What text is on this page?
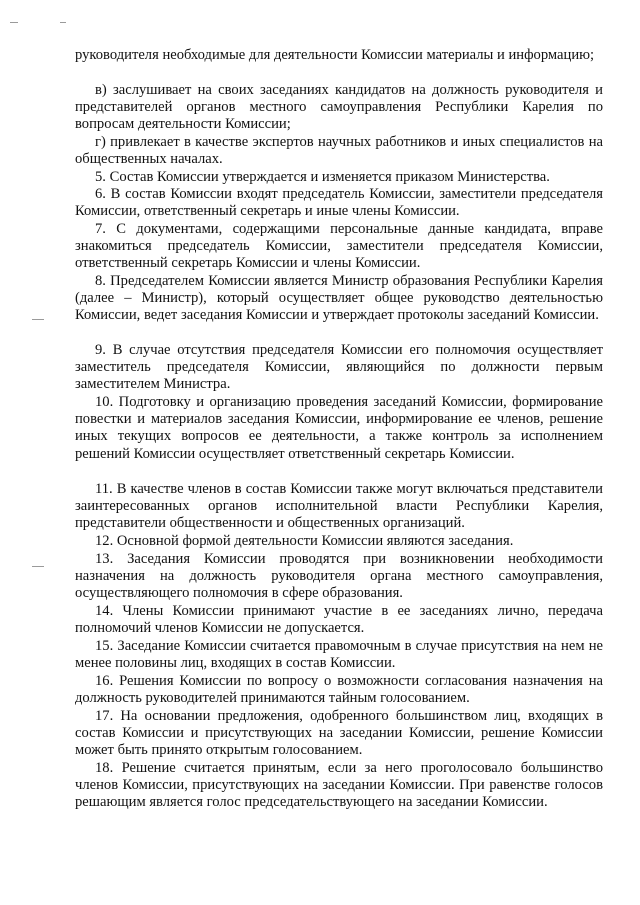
руководителя необходимые для деятельности Комиссии материалы и информацию;

в) заслушивает на своих заседаниях кандидатов на должность руководителя и представителей органов местного самоуправления Республики Карелия по вопросам деятельности Комиссии;

г) привлекает в качестве экспертов научных работников и иных специалистов на общественных началах.

5. Состав Комиссии утверждается и изменяется приказом Министерства.

6. В состав Комиссии входят председатель Комиссии, заместители председателя Комиссии, ответственный секретарь и иные члены Комиссии.

7. С документами, содержащими персональные данные кандидата, вправе знакомиться председатель Комиссии, заместители председателя Комиссии, ответственный секретарь Комиссии и члены Комиссии.

8. Председателем Комиссии является Министр образования Республики Карелия (далее – Министр), который осуществляет общее руководство деятельностью Комиссии, ведет заседания Комиссии и утверждает протоколы заседаний Комиссии.

9. В случае отсутствия председателя Комиссии его полномочия осуществляет заместитель председателя Комиссии, являющийся по должности первым заместителем Министра.

10. Подготовку и организацию проведения заседаний Комиссии, формирование повестки и материалов заседания Комиссии, информирование ее членов, решение иных текущих вопросов ее деятельности, а также контроль за исполнением решений Комиссии осуществляет ответственный секретарь Комиссии.

11. В качестве членов в состав Комиссии также могут включаться представители заинтересованных органов исполнительной власти Республики Карелия, представители общественности и общественных организаций.

12. Основной формой деятельности Комиссии являются заседания.

13. Заседания Комиссии проводятся при возникновении необходимости назначения на должность руководителя органа местного самоуправления, осуществляющего полномочия в сфере образования.

14. Члены Комиссии принимают участие в ее заседаниях лично, передача полномочий членов Комиссии не допускается.

15. Заседание Комиссии считается правомочным в случае присутствия на нем не менее половины лиц, входящих в состав Комиссии.

16. Решения Комиссии по вопросу о возможности согласования назначения на должность руководителей принимаются тайным голосованием.

17. На основании предложения, одобренного большинством лиц, входящих в состав Комиссии и присутствующих на заседании Комиссии, решение Комиссии может быть принято открытым голосованием.

18. Решение считается принятым, если за него проголосовало большинство членов Комиссии, присутствующих на заседании Комиссии. При равенстве голосов решающим является голос председательствующего на заседании Комиссии.
